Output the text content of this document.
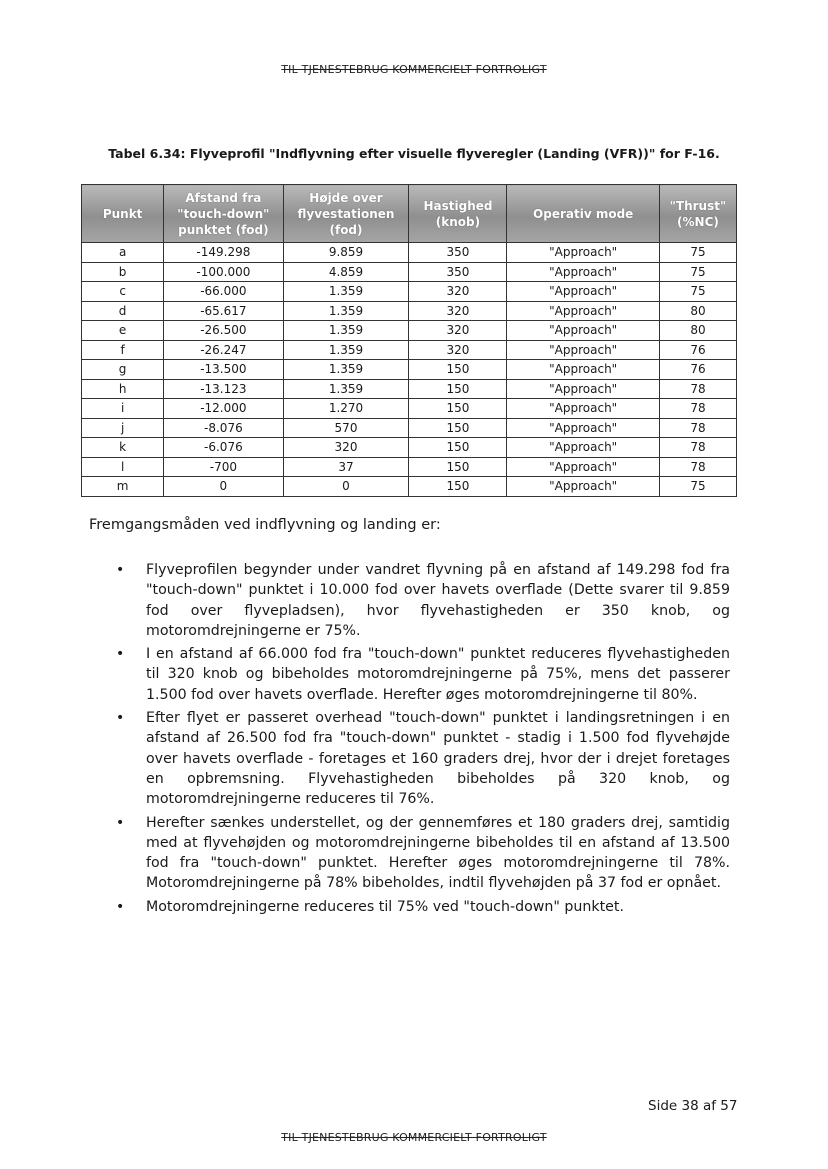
TIL TJENESTEBRUG KOMMERCIELT FORTROLIGT
Tabel 6.34: Flyveprofil "Indflyvning efter visuelle flyveregler (Landing (VFR))" for F-16.
Punkt	Afstand fra "touch-down" punktet (fod)	Højde over flyvestationen (fod)	Hastighed (knob)	Operativ mode	"Thrust" (%NC)
a	-149.298	9.859	350	"Approach"	75
b	-100.000	4.859	350	"Approach"	75
c	-66.000	1.359	320	"Approach"	75
d	-65.617	1.359	320	"Approach"	80
e	-26.500	1.359	320	"Approach"	80
f	-26.247	1.359	320	"Approach"	76
g	-13.500	1.359	150	"Approach"	76
h	-13.123	1.359	150	"Approach"	78
i	-12.000	1.270	150	"Approach"	78
j	-8.076	570	150	"Approach"	78
k	-6.076	320	150	"Approach"	78
l	-700	37	150	"Approach"	78
m	0	0	150	"Approach"	75
Fremgangsmåden ved indflyvning og landing er:
• Flyveprofilen begynder under vandret flyvning på en afstand af 149.298 fod fra "touch-down" punktet i 10.000 fod over havets overflade (Dette svarer til 9.859 fod over flyvepladsen), hvor flyvehastigheden er 350 knob, og motoromdrejningerne er 75%.
• I en afstand af 66.000 fod fra "touch-down" punktet reduceres flyvehastigheden til 320 knob og bibeholdes motoromdrejningerne på 75%, mens det passerer 1.500 fod over havets overflade. Herefter øges motoromdrejningerne til 80%.
• Efter flyet er passeret overhead "touch-down" punktet i landingsretningen i en afstand af 26.500 fod fra "touch-down" punktet - stadig i 1.500 fod flyvehøjde over havets overflade - foretages et 160 graders drej, hvor der i drejet foretages en opbremsning. Flyvehastigheden bibeholdes på 320 knob, og motoromdrejningerne reduceres til 76%.
• Herefter sænkes understellet, og der gennemføres et 180 graders drej, samtidig med at flyvehøjden og motoromdrejningerne bibeholdes til en afstand af 13.500 fod fra "touch-down" punktet. Herefter øges motoromdrejningerne til 78%. Motoromdrejningerne på 78% bibeholdes, indtil flyvehøjden på 37 fod er opnået.
• Motoromdrejningerne reduceres til 75% ved "touch-down" punktet.
Side 38 af 57
TIL TJENESTEBRUG KOMMERCIELT FORTROLIGT
